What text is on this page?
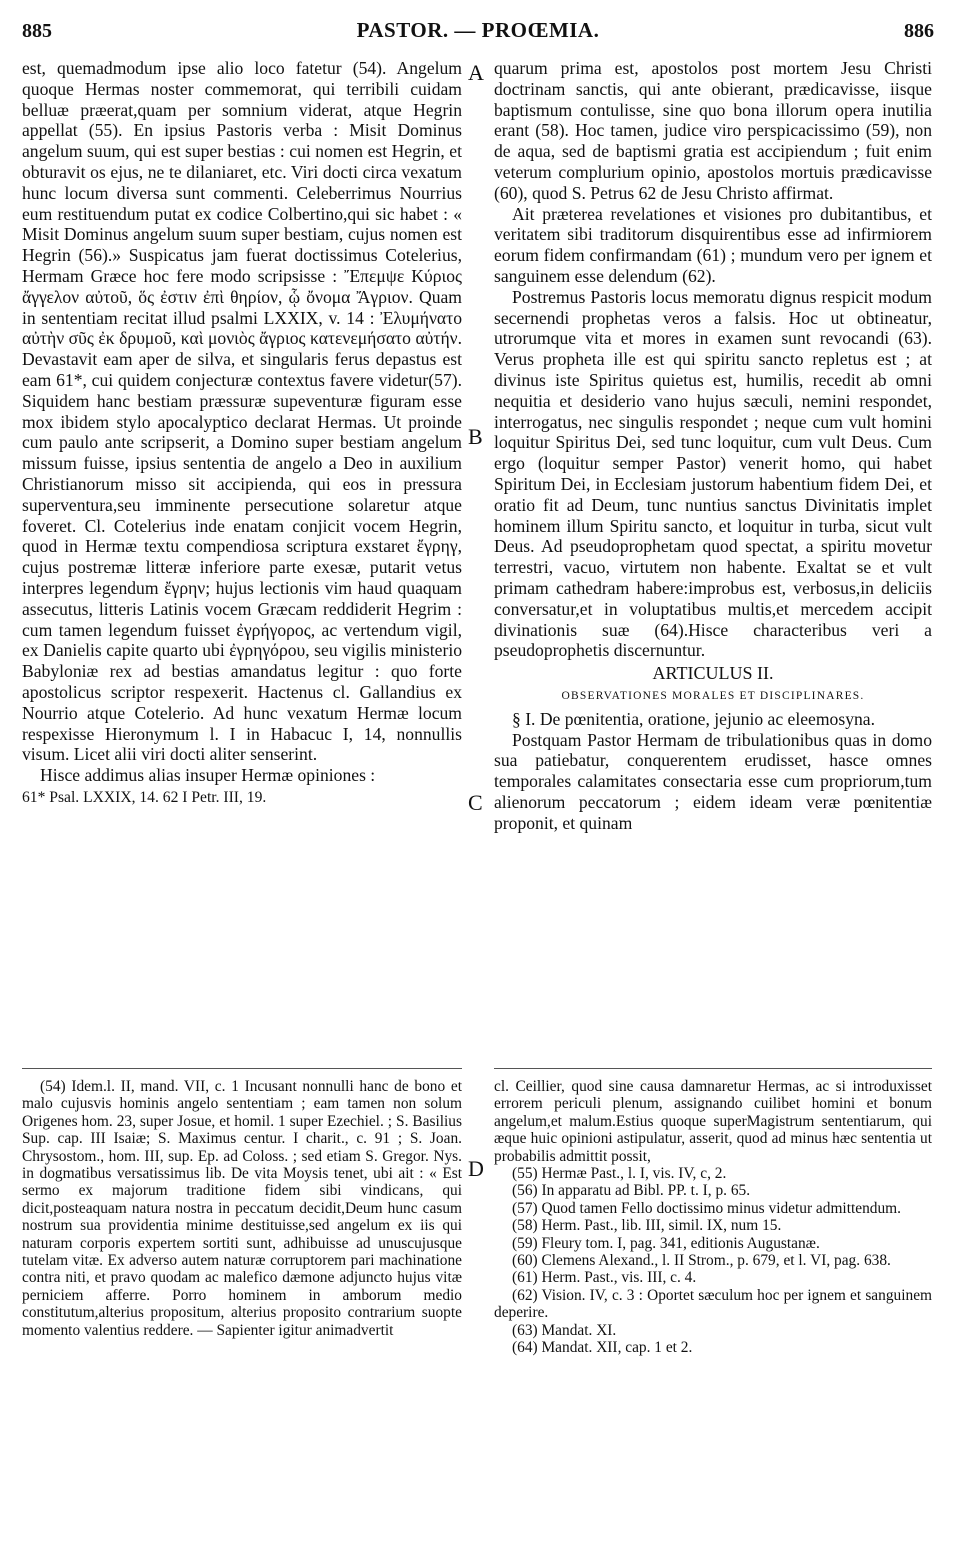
885	PASTOR. — PROŒMIA.	886
A
B
C
D

est, quemadmodum ipse alio loco fatetur (54). Angelum quoque Hermas noster commemorat, qui terribili cuidam belluæ præerat,quam per somnium viderat, atque Hegrin appellat (55). En ipsius Pastoris verba : Misit Dominus angelum suum, qui est super bestias : cui nomen est Hegrin, et obturavit os ejus, ne te dilaniaret, etc. Viri docti circa vexatum hunc locum diversa sunt commenti. Celeberrimus Nourrius eum restituendum putat ex codice Colbertino,qui sic habet : « Misit Dominus angelum suum super bestiam, cujus nomen est Hegrin (56).» Suspicatus jam fuerat doctissimus Cotelerius, Hermam Græce hoc fere modo scripsisse : Ἔπεμψε Κύριος ἄγγελον αὐτοῦ, ὅς ἐστιν ἐπὶ θηρίον, ᾧ ὄνομα Ἄγριον. Quam in sententiam recitat illud psalmi LXXIX, v. 14 : Ἐλυμήνατο αὐτὴν σῦς ἐκ δρυμοῦ, καὶ μονιὸς ἄγριος κατενεμήσατο αὐτήν. Devastavit eam aper de silva, et singularis ferus depastus est eam 61*, cui quidem conjecturæ contextus favere videtur(57). Siquidem hanc bestiam præssuræ supeventuræ figuram esse mox ibidem stylo apocalyptico declarat Hermas. Ut proinde cum paulo ante scripserit, a Domino super bestiam angelum missum fuisse, ipsius sententia de angelo a Deo in auxilium Christianorum misso sit accipienda, qui eos in pressura superventura,seu imminente persecutione solaretur atque foveret. Cl. Cotelerius inde enatam conjicit vocem Hegrin, quod in Hermæ textu compendiosa scriptura exstaret ἔγρηγ, cujus postremæ litteræ inferiore parte exesæ, putarit vetus interpres legendum ἔγρην; hujus lectionis vim haud quaquam assecutus, litteris Latinis vocem Græcam reddiderit Hegrim : cum tamen legendum fuisset ἐγρήγορος, ac vertendum vigil, ex Danielis capite quarto ubi ἐγρηγόρου, seu vigilis ministerio Babyloniæ rex ad bestias amandatus legitur : quo forte apostolicus scriptor respexerit. Hactenus cl. Gallandius ex Nourrio atque Cotelerio. Ad hunc vexatum Hermæ locum respexisse Hieronymum l. I in Habacuc I, 14, nonnullis visum. Licet alii viri docti aliter senserint.

Hisce addimus alias insuper Hermæ opiniones :

61* Psal. LXXIX, 14. 62 I Petr. III, 19.

quarum prima est, apostolos post mortem Jesu Christi doctrinam sanctis, qui ante obierant, prædicavisse, iisque baptismum contulisse, sine quo bona illorum opera inutilia erant (58). Hoc tamen, judice viro perspicacissimo (59), non de aqua, sed de baptismi gratia est accipiendum ; fuit enim veterum complurium opinio, apostolos mortuis prædicavisse (60), quod S. Petrus 62 de Jesu Christo affirmat.

Ait præterea revelationes et visiones pro dubitantibus, et veritatem sibi traditorum disquirentibus esse ad infirmiorem eorum fidem confirmandam (61) ; mundum vero per ignem et sanguinem esse delendum (62).

Postremus Pastoris locus memoratu dignus respicit modum secernendi prophetas veros a falsis. Hoc ut obtineatur, utrorumque vita et mores in examen sunt revocandi (63). Verus propheta ille est qui spiritu sancto repletus est ; at divinus iste Spiritus quietus est, humilis, recedit ab omni nequitia et desiderio vano hujus sæculi, nemini respondet, interrogatus, nec singulis respondet ; neque cum vult homini loquitur Spiritus Dei, sed tunc loquitur, cum vult Deus. Cum ergo (loquitur semper Pastor) venerit homo, qui habet Spiritum Dei, in Ecclesiam justorum habentium fidem Dei, et oratio fit ad Deum, tunc nuntius sanctus Divinitatis implet hominem illum Spiritu sancto, et loquitur in turba, sicut vult Deus. Ad pseudoprophetam quod spectat, a spiritu movetur terrestri, vacuo, virtutem non habente. Exaltat se et vult primam cathedram habere:improbus est, verbosus,in deliciis conversatur,et in voluptatibus multis,et mercedem accipit divinationis suæ (64).Hisce characteribus veri a pseudoprophetis discernuntur.

ARTICULUS II.

OBSERVATIONES MORALES ET DISCIPLINARES.

§ I. De pœnitentia, oratione, jejunio ac eleemosyna.

Postquam Pastor Hermam de tribulationibus quas in domo sua patiebatur, conquerentem erudisset, hasce omnes temporales calamitates consectaria esse cum propriorum,tum alienorum peccatorum ; eidem ideam veræ pœnitentiæ proponit, et quinam

(54) Idem.l. II, mand. VII, c. 1 Incusant nonnulli hanc de bono et malo cujusvis hominis angelo sententiam ; eam tamen non solum Origenes hom. 23, super Josue, et homil. 1 super Ezechiel. ; S. Basilius Sup. cap. III Isaiæ; S. Maximus centur. I charit., c. 91 ; S. Joan. Chrysostom., hom. III, sup. Ep. ad Coloss. ; sed etiam S. Gregor. Nys. in dogmatibus versatissimus lib. De vita Moysis tenet, ubi ait : « Est sermo ex majorum traditione fidem sibi vindicans, qui dicit,posteaquam natura nostra in peccatum decidit,Deum hunc casum nostrum sua providentia minime destituisse,sed angelum ex iis qui naturam corporis expertem sortiti sunt, adhibuisse ad unuscujusque tutelam vitæ. Ex adverso autem naturæ corruptorem pari machinatione contra niti, et pravo quodam ac malefico dæmone adjuncto hujus vitæ perniciem afferre. Porro hominem in amborum medio constitutum,alterius propositum, alterius proposito contrarium suopte momento valentius reddere. — Sapienter igitur animadvertit

cl. Ceillier, quod sine causa damnaretur Hermas, ac si introduxisset errorem periculi plenum, assignando cuilibet homini et bonum angelum,et malum.Estius quoque superMagistrum sententiarum, qui æque huic opinioni astipulatur, asserit, quod ad minus hæc sententia ut probabilis admittit possit,

(55) Hermæ Past., l. I, vis. IV, c, 2.

(56) In apparatu ad Bibl. PP. t. I, p. 65.

(57) Quod tamen Fello doctissimo minus videtur admittendum.

(58) Herm. Past., lib. III, simil. IX, num 15.

(59) Fleury tom. I, pag. 341, editionis Augustanæ.

(60) Clemens Alexand., l. II Strom., p. 679, et l. VI, pag. 638.

(61) Herm. Past., vis. III, c. 4.

(62) Vision. IV, c. 3 : Oportet sæculum hoc per ignem et sanguinem deperire.

(63) Mandat. XI.

(64) Mandat. XII, cap. 1 et 2.
